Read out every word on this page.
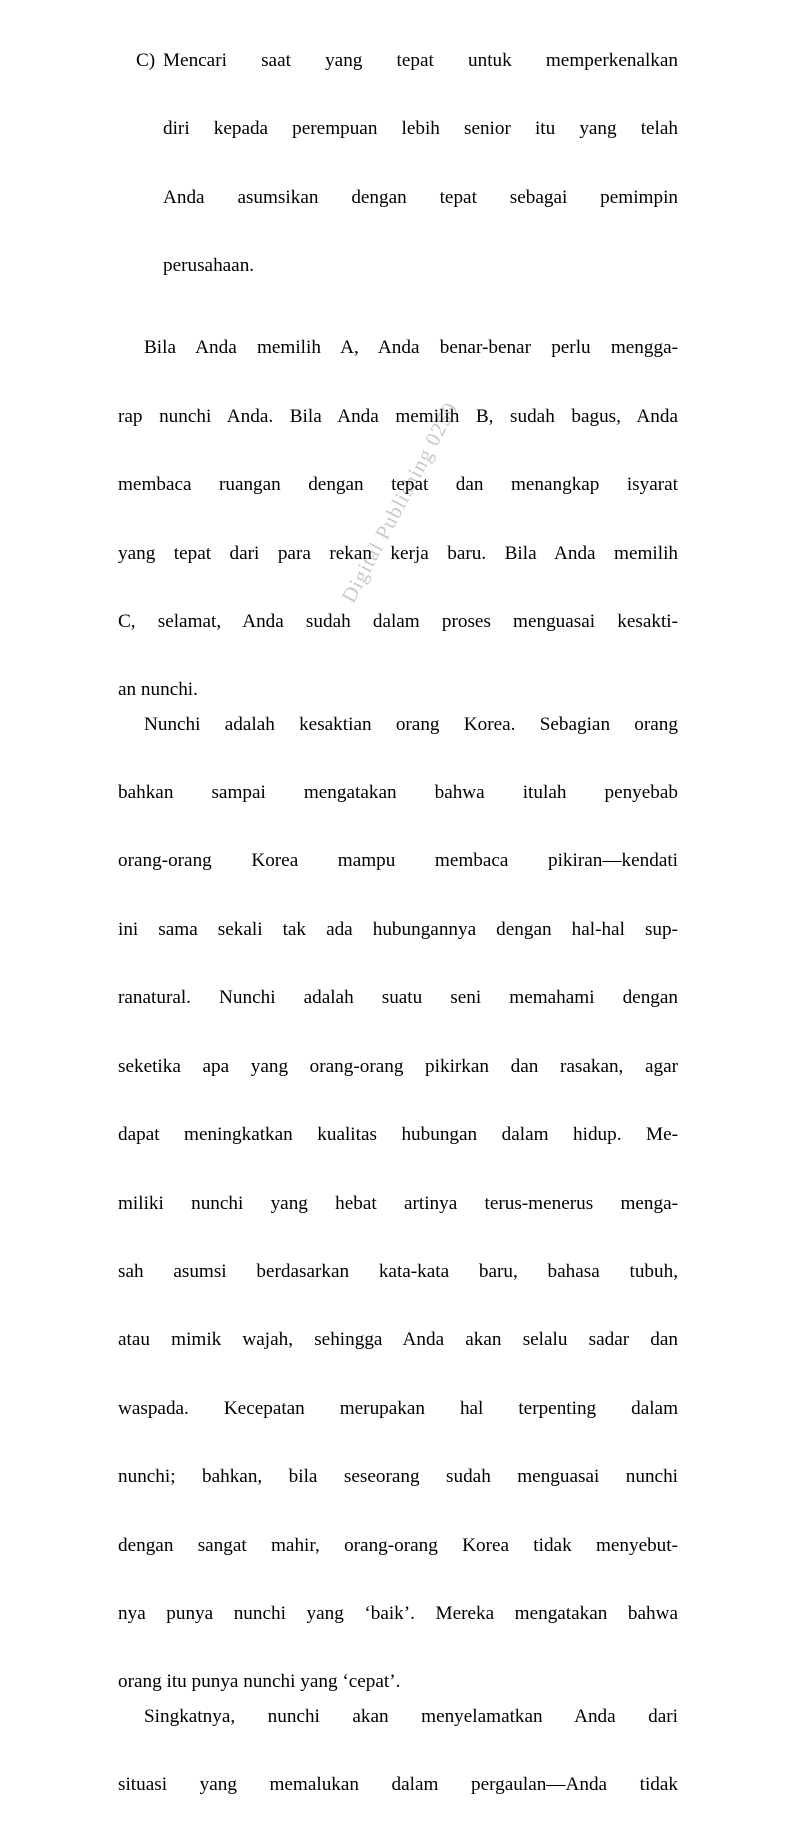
Digital Publishing 0250
C) Mencari saat yang tepat untuk memperkenalkan
diri kepada perempuan lebih senior itu yang telah
Anda asumsikan dengan tepat sebagai pemimpin
perusahaan.

Bila Anda memilih A, Anda benar-benar perlu mengga-
rap nunchi Anda. Bila Anda memilih B, sudah bagus, Anda
membaca ruangan dengan tepat dan menangkap isyarat
yang tepat dari para rekan kerja baru. Bila Anda memilih
C, selamat, Anda sudah dalam proses menguasai kesakti-
an nunchi.

Nunchi adalah kesaktian orang Korea. Sebagian orang
bahkan sampai mengatakan bahwa itulah penyebab
orang-orang Korea mampu membaca pikiran—kendati
ini sama sekali tak ada hubungannya dengan hal-hal sup-
ranatural. Nunchi adalah suatu seni memahami dengan
seketika apa yang orang-orang pikirkan dan rasakan, agar
dapat meningkatkan kualitas hubungan dalam hidup. Me-
miliki nunchi yang hebat artinya terus-menerus menga-
sah asumsi berdasarkan kata-kata baru, bahasa tubuh,
atau mimik wajah, sehingga Anda akan selalu sadar dan
waspada. Kecepatan merupakan hal terpenting dalam
nunchi; bahkan, bila seseorang sudah menguasai nunchi
dengan sangat mahir, orang-orang Korea tidak menyebut-
nya punya nunchi yang ‘baik’. Mereka mengatakan bahwa
orang itu punya nunchi yang ‘cepat’.

Singkatnya, nunchi akan menyelamatkan Anda dari
situasi yang memalukan dalam pergaulan—Anda tidak
